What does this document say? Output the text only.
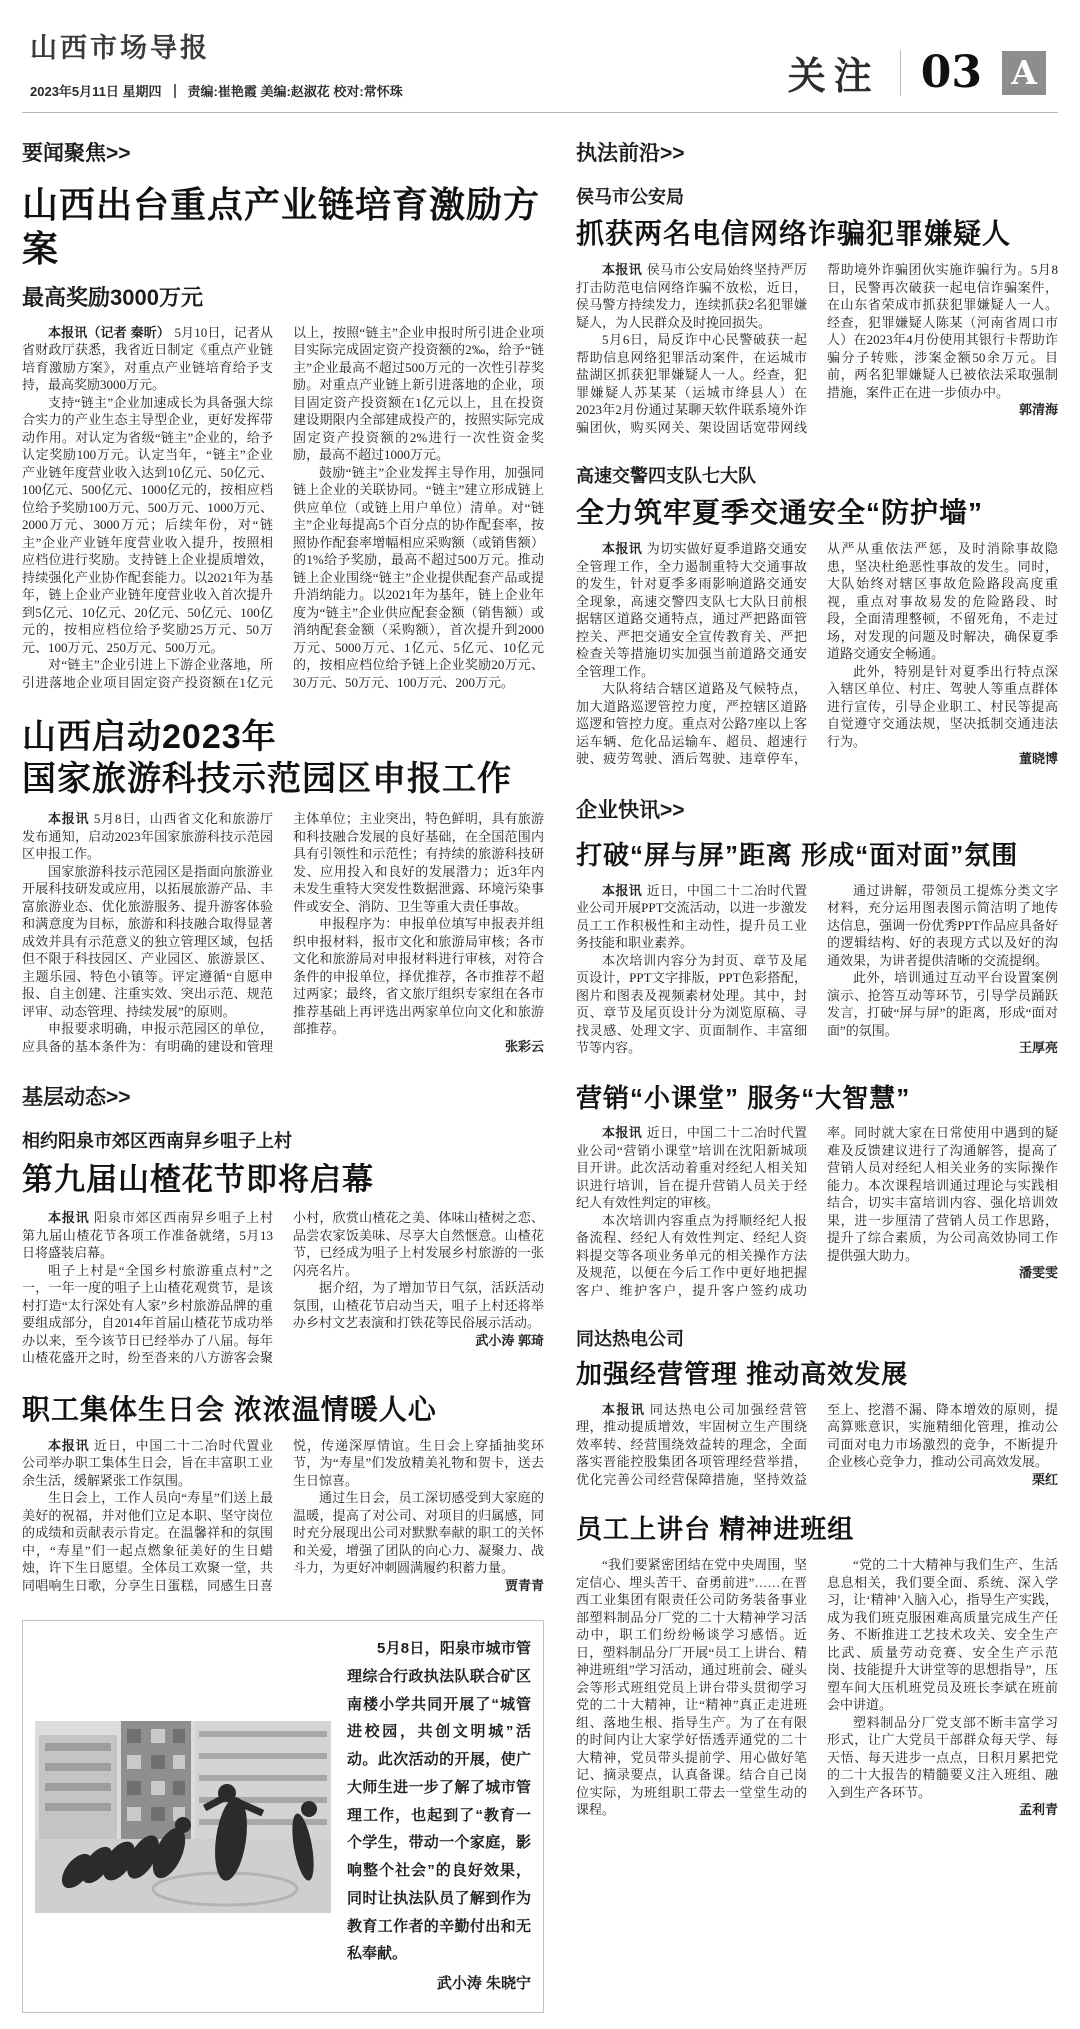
山西市场导报
2023年5月11日 星期四 责编:崔艳霞 美编:赵淑花 校对:常怀珠	关注 03 A
要闻聚焦>>
山西出台重点产业链培育激励方案
最高奖励3000万元

本报讯（记者 秦昕） 5月10日，记者从省财政厅获悉，我省近日制定《重点产业链培育激励方案》，对重点产业链培育给予支持，最高奖励3000万元。

支持“链主”企业加速成长为具备强大综合实力的产业生态主导型企业，更好发挥带动作用。对认定为省级“链主”企业的，给予认定奖励100万元。认定当年，“链主”企业产业链年度营业收入达到10亿元、50亿元、100亿元、500亿元、1000亿元的，按相应档位给予奖励100万元、500万元、1000万元、2000万元、3000万元；后续年份，对“链主”企业产业链年度营业收入提升，按照相应档位进行奖励。支持链上企业提质增效，持续强化产业协作配套能力。以2021年为基年，链上企业产业链年度营业收入首次提升到5亿元、10亿元、20亿元、50亿元、100亿元的，按相应档位给予奖励25万元、50万元、100万元、250万元、500万元。

对“链主”企业引进上下游企业落地，所引进落地企业项目固定资产投资额在1亿元以上，按照“链主”企业申报时所引进企业项目实际完成固定资产投资额的2‰，给予“链主”企业最高不超过500万元的一次性引荐奖励。对重点产业链上新引进落地的企业，项目固定资产投资额在1亿元以上，且在投资建设期限内全部建成投产的，按照实际完成固定资产投资额的2%进行一次性资金奖励，最高不超过1000万元。

鼓励“链主”企业发挥主导作用，加强同链上企业的关联协同。“链主”建立形成链上供应单位（或链上用户单位）清单。对“链主”企业每提高5个百分点的协作配套率，按照协作配套率增幅相应采购额（或销售额）的1%给予奖励，最高不超过500万元。推动链上企业围绕“链主”企业提供配套产品或提升消纳能力。以2021年为基年，链上企业年度为“链主”企业供应配套金额（销售额）或消纳配套金额（采购额），首次提升到2000万元、5000万元、1亿元、5亿元、10亿元的，按相应档位给予链上企业奖励20万元、30万元、50万元、100万元、200万元。

山西启动2023年
国家旅游科技示范园区申报工作

本报讯 5月8日，山西省文化和旅游厅发布通知，启动2023年国家旅游科技示范园区申报工作。

国家旅游科技示范园区是指面向旅游业开展科技研发或应用，以拓展旅游产品、丰富旅游业态、优化旅游服务、提升游客体验和满意度为目标，旅游和科技融合取得显著成效并具有示范意义的独立管理区域，包括但不限于科技园区、产业园区、旅游景区、主题乐园、特色小镇等。评定遵循“自愿申报、自主创建、注重实效、突出示范、规范评审、动态管理、持续发展”的原则。

申报要求明确，申报示范园区的单位，应具备的基本条件为：有明确的建设和管理主体单位；主业突出，特色鲜明，具有旅游和科技融合发展的良好基础，在全国范围内具有引领性和示范性；有持续的旅游科技研发、应用投入和良好的发展潜力；近3年内未发生重特大突发性数据泄露、环境污染事件或安全、消防、卫生等重大责任事故。

申报程序为：申报单位填写申报表并组织申报材料，报市文化和旅游局审核；各市文化和旅游局对申报材料进行审核，对符合条件的申报单位，择优推荐，各市推荐不超过两家；最终，省文旅厅组织专家组在各市推荐基础上再评选出两家单位向文化和旅游部推荐。

张彩云

基层动态>>
相约阳泉市郊区西南舁乡咀子上村
第九届山楂花节即将启幕

本报讯 阳泉市郊区西南舁乡咀子上村第九届山楂花节各项工作准备就绪，5月13日将盛装启幕。

咀子上村是“全国乡村旅游重点村”之一，一年一度的咀子上山楂花观赏节，是该村打造“太行深处有人家”乡村旅游品牌的重要组成部分，自2014年首届山楂花节成功举办以来，至今该节日已经举办了八届。每年山楂花盛开之时，纷至沓来的八方游客会聚小村，欣赏山楂花之美、体味山楂树之恋、品尝农家饭美味、尽享大自然惬意。山楂花节，已经成为咀子上村发展乡村旅游的一张闪亮名片。

据介绍，为了增加节日气氛，活跃活动氛围，山楂花节启动当天，咀子上村还将举办乡村文艺表演和打铁花等民俗展示活动。

武小涛 郭琦

职工集体生日会 浓浓温情暖人心

本报讯 近日，中国二十二冶时代置业公司举办职工集体生日会，旨在丰富职工业余生活，缓解紧张工作氛围。

生日会上，工作人员向“寿星”们送上最美好的祝福，并对他们立足本职、坚守岗位的成绩和贡献表示肯定。在温馨祥和的氛围中，“寿星”们一起点燃象征美好的生日蜡烛，许下生日愿望。全体员工欢聚一堂，共同唱响生日歌，分享生日蛋糕，同感生日喜悦，传递深厚情谊。生日会上穿插抽奖环节，为“寿星”们发放精美礼物和贺卡，送去生日惊喜。

通过生日会，员工深切感受到大家庭的温暖，提高了对公司、对项目的归属感，同时充分展现出公司对默默奉献的职工的关怀和关爱，增强了团队的向心力、凝聚力、战斗力，为更好冲刺圆满履约积蓄力量。

贾青青

5月8日，阳泉市城市管理综合行政执法队联合矿区南楼小学共同开展了“城管进校园，共创文明城”活动。此次活动的开展，使广大师生进一步了解了城市管理工作，也起到了“教育一个学生，带动一个家庭，影响整个社会”的良好效果，同时让执法队员了解到作为教育工作者的辛勤付出和无私奉献。
武小涛 朱晓宁
执法前沿>>
侯马市公安局
抓获两名电信网络诈骗犯罪嫌疑人

本报讯 侯马市公安局始终坚持严厉打击防范电信网络诈骗不放松，近日，侯马警方持续发力，连续抓获2名犯罪嫌疑人，为人民群众及时挽回损失。

5月6日，局反诈中心民警破获一起帮助信息网络犯罪活动案件，在运城市盐湖区抓获犯罪嫌疑人一人。经查，犯罪嫌疑人苏某某（运城市绛县人）在2023年2月份通过某聊天软件联系境外诈骗团伙，购买网关、架设固话宽带网线帮助境外诈骗团伙实施诈骗行为。5月8日，民警再次破获一起电信诈骗案件，在山东省荣成市抓获犯罪嫌疑人一人。经查，犯罪嫌疑人陈某（河南省周口市人）在2023年4月份使用其银行卡帮助诈骗分子转账，涉案金额50余万元。目前，两名犯罪嫌疑人已被依法采取强制措施，案件正在进一步侦办中。

郭清海

高速交警四支队七大队
全力筑牢夏季交通安全“防护墙”

本报讯 为切实做好夏季道路交通安全管理工作，全力遏制重特大交通事故的发生，针对夏季多雨影响道路交通安全现象，高速交警四支队七大队日前根据辖区道路交通特点，通过严把路面管控关、严把交通安全宣传教育关、严把检查关等措施切实加强当前道路交通安全管理工作。

大队将结合辖区道路及气候特点，加大道路巡逻管控力度，严控辖区道路巡逻和管控力度。重点对公路7座以上客运车辆、危化品运输车、超员、超速行驶、疲劳驾驶、酒后驾驶、违章停车，从严从重依法严惩，及时消除事故隐患，坚决杜绝恶性事故的发生。同时，大队始终对辖区事故危险路段高度重视，重点对事故易发的危险路段、时段，全面清理整顿，不留死角，不走过场，对发现的问题及时解决，确保夏季道路交通安全畅通。

此外，特别是针对夏季出行特点深入辖区单位、村庄、驾驶人等重点群体进行宣传，引导企业职工、村民等提高自觉遵守交通法规，坚决抵制交通违法行为。

董晓博

企业快讯>>
打破“屏与屏”距离 形成“面对面”氛围

本报讯 近日，中国二十二冶时代置业公司开展PPT交流活动，以进一步激发员工工作积极性和主动性，提升员工业务技能和职业素养。

本次培训内容分为封页、章节及尾页设计，PPT文字排版，PPT色彩搭配，图片和图表及视频素材处理。其中，封页、章节及尾页设计分为浏览原稿、寻找灵感、处理文字、页面制作、丰富细节等内容。

通过讲解，带领员工提炼分类文字材料，充分运用图表图示简洁明了地传达信息，强调一份优秀PPT作品应具备好的逻辑结构、好的表现方式以及好的沟通效果，为讲者提供清晰的交流提纲。

此外，培训通过互动平台设置案例演示、抢答互动等环节，引导学员踊跃发言，打破“屏与屏”的距离，形成“面对面”的氛围。

王厚亮

营销“小课堂” 服务“大智慧”

本报讯 近日，中国二十二冶时代置业公司“营销小课堂”培训在沈阳新城项目开讲。此次活动着重对经纪人相关知识进行培训，旨在提升营销人员关于经纪人有效性判定的审核。

本次培训内容重点为捋顺经纪人报备流程、经纪人有效性判定、经纪人资料提交等各项业务单元的相关操作方法及规范，以便在今后工作中更好地把握客户、维护客户，提升客户签约成功率。同时就大家在日常使用中遇到的疑难及反馈建议进行了沟通解答，提高了营销人员对经纪人相关业务的实际操作能力。本次课程培训通过理论与实践相结合，切实丰富培训内容、强化培训效果，进一步厘清了营销人员工作思路，提升了综合素质，为公司高效协同工作提供强大助力。

潘雯雯

同达热电公司
加强经营管理 推动高效发展

本报讯 同达热电公司加强经营管理，推动提质增效，牢固树立生产围绕效率转、经营围绕效益转的理念，全面落实晋能控股集团各项管理经营举措，优化完善公司经营保障措施，坚持效益至上、挖潜不漏、降本增效的原则，提高算账意识，实施精细化管理，推动公司面对电力市场激烈的竞争，不断提升企业核心竞争力，推动公司高效发展。

栗红

员工上讲台 精神进班组

“我们要紧密团结在党中央周围，坚定信心、埋头苦干、奋勇前进”……在晋西工业集团有限责任公司防务装备事业部塑料制品分厂党的二十大精神学习活动中，职工们纷纷畅谈学习感悟。近日，塑料制品分厂开展“员工上讲台、精神进班组”学习活动，通过班前会、碰头会等形式班组党员上讲台带头贯彻学习党的二十大精神，让“精神”真正走进班组、落地生根、指导生产。为了在有限的时间内让大家学好悟透弄通党的二十大精神，党员带头提前学、用心做好笔记、摘录要点，认真备课。结合自己岗位实际，为班组职工带去一堂堂生动的课程。

“党的二十大精神与我们生产、生活息息相关，我们要全面、系统、深入学习，让‘精神’入脑入心，指导生产实践，成为我们班克服困难高质量完成生产任务、不断推进工艺技术攻关、安全生产比武、质量劳动竞赛、安全生产示范岗、技能提升大讲堂等的思想指导”，压塑车间大压机班党员及班长李斌在班前会中讲道。

塑料制品分厂党支部不断丰富学习形式，让广大党员干部群众每天学、每天悟、每天进步一点点，日积月累把党的二十大报告的精髓要义注入班组、融入到生产各环节。

孟利青
